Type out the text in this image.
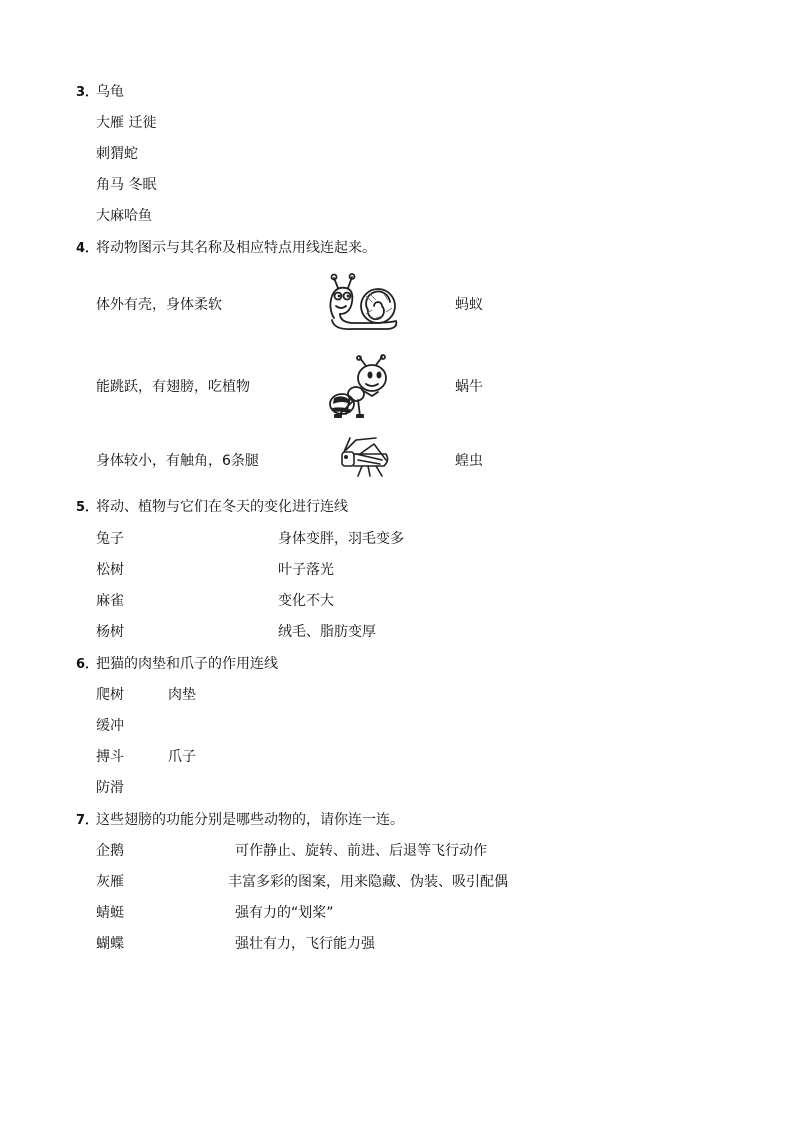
3．
乌龟
大雁 迁徙
刺猬蛇
角马 冬眠
大麻哈鱼
4．
将动物图示与其名称及相应特点用线连起来。
体外有壳，身体柔软
能跳跃，有翅膀，吃植物
身体较小，有触角，6条腿
蚂蚁
蜗牛
蝗虫
5．
将动、植物与它们在冬天的变化进行连线
兔子
松树
麻雀
杨树
身体变胖，羽毛变多
叶子落光
变化不大
绒毛、脂肪变厚
6．
把猫的肉垫和爪子的作用连线
爬树
缓冲
搏斗
防滑
肉垫
爪子
7．
这些翅膀的功能分别是哪些动物的，请你连一连。
企鹅
灰雁
蜻蜓
蝴蝶
可作静止、旋转、前进、后退等飞行动作
丰富多彩的图案，用来隐藏、伪装、吸引配偶
强有力的“划桨”
强壮有力，飞行能力强
